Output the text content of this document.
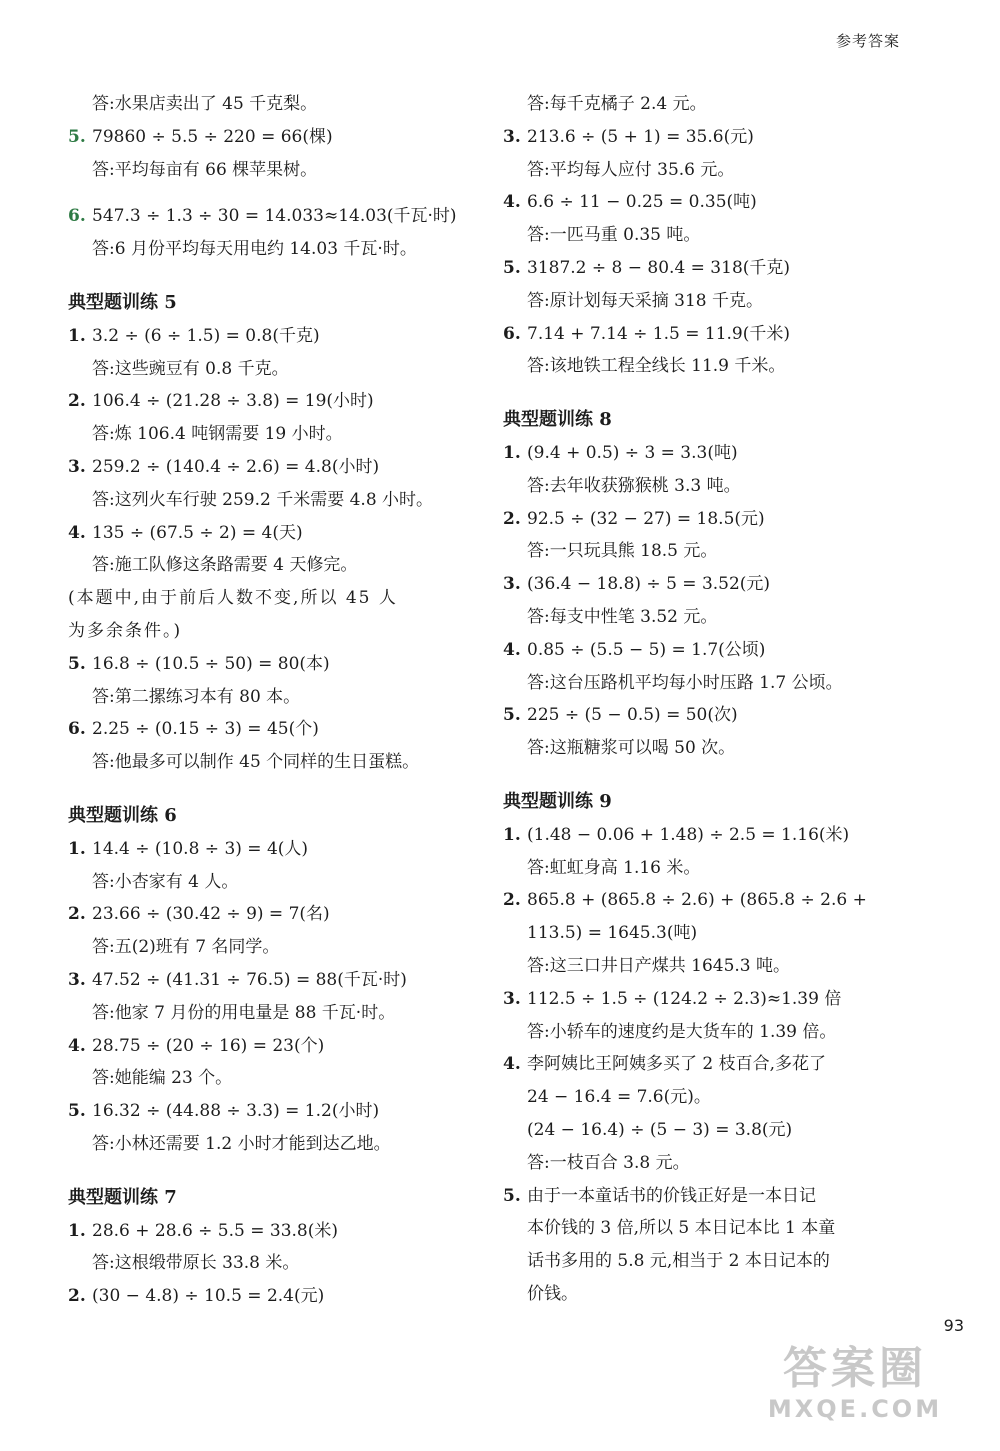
参考答案
答:水果店卖出了 45 千克梨。
5. 79860 ÷ 5.5 ÷ 220 = 66(棵)
答:平均每亩有 66 棵苹果树。
6. 547.3 ÷ 1.3 ÷ 30 = 14.033≈14.03(千瓦·时)
答:6 月份平均每天用电约 14.03 千瓦·时。
典型题训练 5
1. 3.2 ÷ (6 ÷ 1.5) = 0.8(千克)
答:这些豌豆有 0.8 千克。
2. 106.4 ÷ (21.28 ÷ 3.8) = 19(小时)
答:炼 106.4 吨钢需要 19 小时。
3. 259.2 ÷ (140.4 ÷ 2.6) = 4.8(小时)
答:这列火车行驶 259.2 千米需要 4.8 小时。
4. 135 ÷ (67.5 ÷ 2) = 4(天)
答:施工队修这条路需要 4 天修完。
(本题中,由于前后人数不变,所以 45 人
为多余条件。)
5. 16.8 ÷ (10.5 ÷ 50) = 80(本)
答:第二摞练习本有 80 本。
6. 2.25 ÷ (0.15 ÷ 3) = 45(个)
答:他最多可以制作 45 个同样的生日蛋糕。
典型题训练 6
1. 14.4 ÷ (10.8 ÷ 3) = 4(人)
答:小杏家有 4 人。
2. 23.66 ÷ (30.42 ÷ 9) = 7(名)
答:五(2)班有 7 名同学。
3. 47.52 ÷ (41.31 ÷ 76.5) = 88(千瓦·时)
答:他家 7 月份的用电量是 88 千瓦·时。
4. 28.75 ÷ (20 ÷ 16) = 23(个)
答:她能编 23 个。
5. 16.32 ÷ (44.88 ÷ 3.3) = 1.2(小时)
答:小林还需要 1.2 小时才能到达乙地。
典型题训练 7
1. 28.6 + 28.6 ÷ 5.5 = 33.8(米)
答:这根缎带原长 33.8 米。
2. (30 − 4.8) ÷ 10.5 = 2.4(元)
答:每千克橘子 2.4 元。
3. 213.6 ÷ (5 + 1) = 35.6(元)
答:平均每人应付 35.6 元。
4. 6.6 ÷ 11 − 0.25 = 0.35(吨)
答:一匹马重 0.35 吨。
5. 3187.2 ÷ 8 − 80.4 = 318(千克)
答:原计划每天采摘 318 千克。
6. 7.14 + 7.14 ÷ 1.5 = 11.9(千米)
答:该地铁工程全线长 11.9 千米。
典型题训练 8
1. (9.4 + 0.5) ÷ 3 = 3.3(吨)
答:去年收获猕猴桃 3.3 吨。
2. 92.5 ÷ (32 − 27) = 18.5(元)
答:一只玩具熊 18.5 元。
3. (36.4 − 18.8) ÷ 5 = 3.52(元)
答:每支中性笔 3.52 元。
4. 0.85 ÷ (5.5 − 5) = 1.7(公顷)
答:这台压路机平均每小时压路 1.7 公顷。
5. 225 ÷ (5 − 0.5) = 50(次)
答:这瓶糖浆可以喝 50 次。
典型题训练 9
1. (1.48 − 0.06 + 1.48) ÷ 2.5 = 1.16(米)
答:虹虹身高 1.16 米。
2. 865.8 + (865.8 ÷ 2.6) + (865.8 ÷ 2.6 +
113.5) = 1645.3(吨)
答:这三口井日产煤共 1645.3 吨。
3. 112.5 ÷ 1.5 ÷ (124.2 ÷ 2.3)≈1.39 倍
答:小轿车的速度约是大货车的 1.39 倍。
4. 李阿姨比王阿姨多买了 2 枝百合,多花了
24 − 16.4 = 7.6(元)。
(24 − 16.4) ÷ (5 − 3) = 3.8(元)
答:一枝百合 3.8 元。
5. 由于一本童话书的价钱正好是一本日记
本价钱的 3 倍,所以 5 本日记本比 1 本童
话书多用的 5.8 元,相当于 2 本日记本的
价钱。
93
答案圈
MXQE.COM
